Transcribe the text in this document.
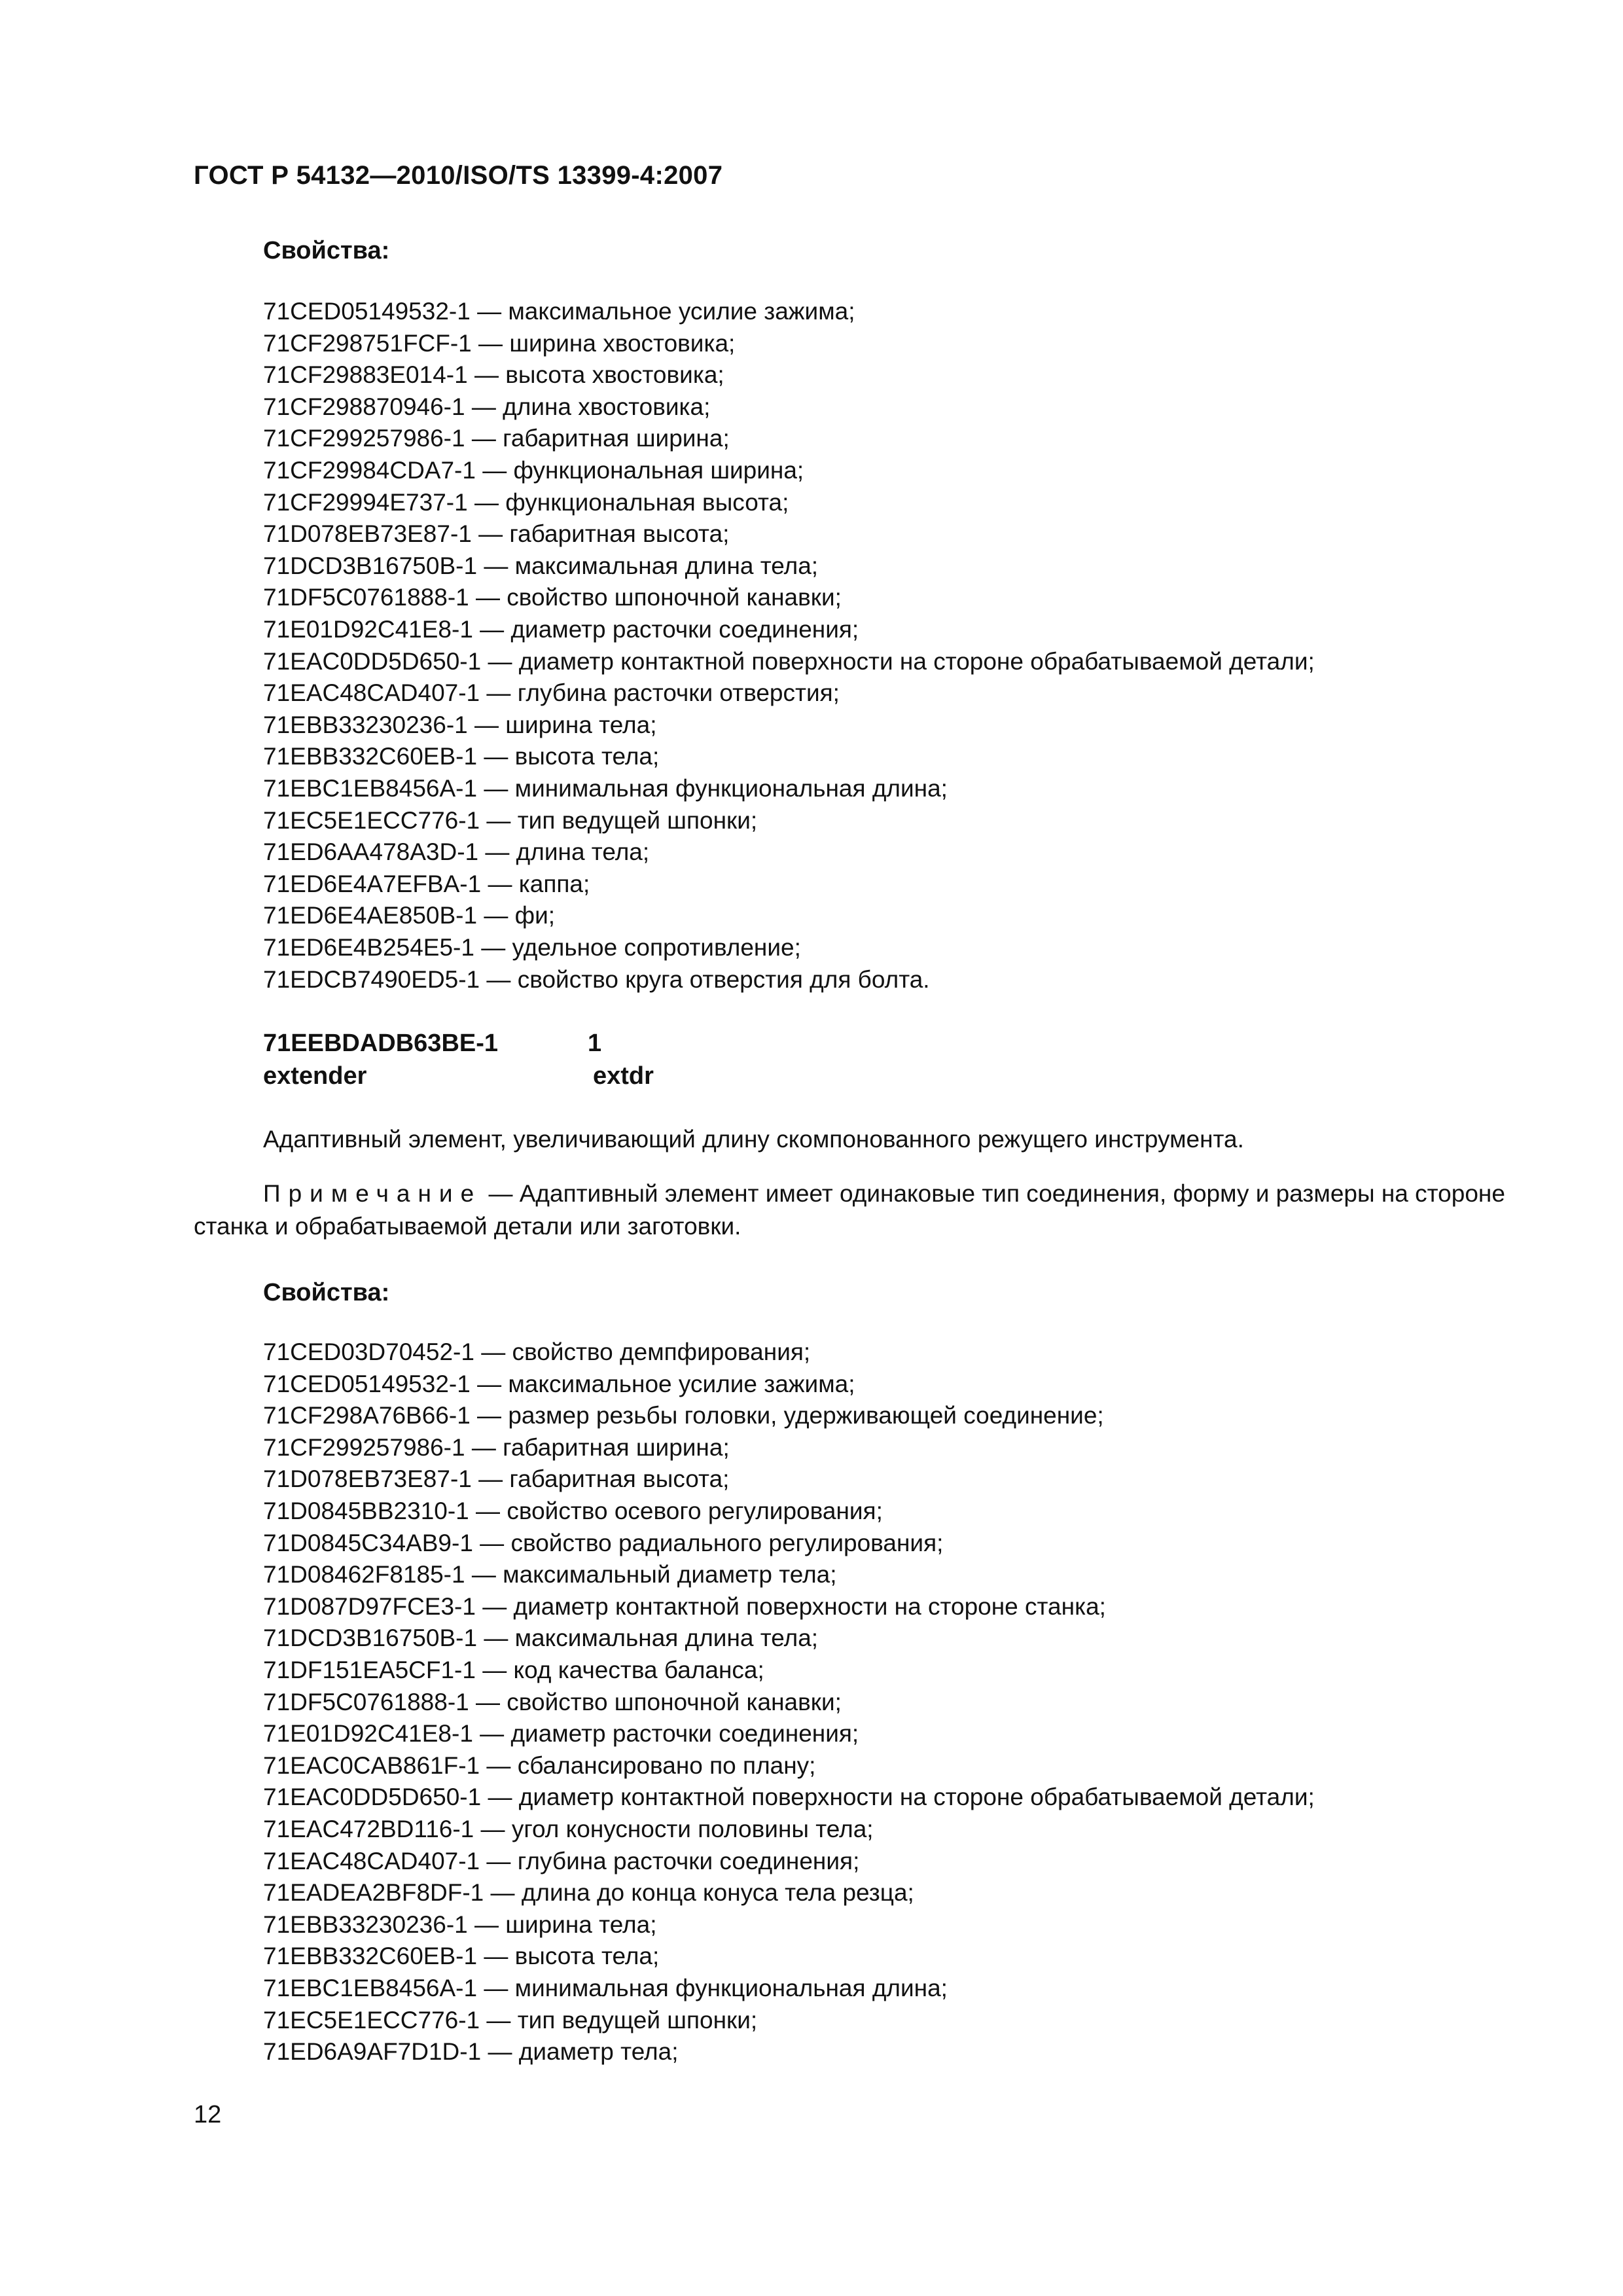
ГОСТ Р 54132—2010/ISO/TS 13399-4:2007
Свойства:
71CED05149532-1 — максимальное усилие зажима;
71CF298751FCF-1 — ширина хвостовика;
71CF29883E014-1 — высота хвостовика;
71CF298870946-1 — длина хвостовика;
71CF299257986-1 — габаритная ширина;
71CF29984CDA7-1 — функциональная ширина;
71CF29994E737-1 — функциональная высота;
71D078EB73E87-1 — габаритная высота;
71DCD3B16750B-1 — максимальная длина тела;
71DF5C0761888-1 — свойство шпоночной канавки;
71E01D92C41E8-1 — диаметр расточки соединения;
71EAC0DD5D650-1 — диаметр контактной поверхности на стороне обрабатываемой детали;
71EAC48CAD407-1 — глубина расточки отверстия;
71EBB33230236-1 — ширина тела;
71EBB332C60EB-1 — высота тела;
71EBC1EB8456A-1 — минимальная функциональная длина;
71EC5E1ECC776-1 — тип ведущей шпонки;
71ED6AA478A3D-1 — длина тела;
71ED6E4A7EFBA-1 — каппа;
71ED6E4AE850B-1 — фи;
71ED6E4B254E5-1 — удельное сопротивление;
71EDCB7490ED5-1 — свойство круга отверстия для болта.
71EEBDADB63BE-1	1
extender	extdr
Адаптивный элемент, увеличивающий длину скомпонованного режущего инструмента.
Примечание — Адаптивный элемент имеет одинаковые тип соединения, форму и размеры на стороне
станка и обрабатываемой детали или заготовки.
Свойства:
71CED03D70452-1 — свойство демпфирования;
71CED05149532-1 — максимальное усилие зажима;
71CF298A76B66-1 — размер резьбы головки, удерживающей соединение;
71CF299257986-1 — габаритная ширина;
71D078EB73E87-1 — габаритная высота;
71D0845BB2310-1 — свойство осевого регулирования;
71D0845C34AB9-1 — свойство радиального регулирования;
71D08462F8185-1 — максимальный диаметр тела;
71D087D97FCE3-1 — диаметр контактной поверхности на стороне станка;
71DCD3B16750B-1 — максимальная длина тела;
71DF151EA5CF1-1 — код качества баланса;
71DF5C0761888-1 — свойство шпоночной канавки;
71E01D92C41E8-1 — диаметр расточки соединения;
71EAC0CAB861F-1 — сбалансировано по плану;
71EAC0DD5D650-1 — диаметр контактной поверхности на стороне обрабатываемой детали;
71EAC472BD116-1 — угол конусности половины тела;
71EAC48CAD407-1 — глубина расточки соединения;
71EADEA2BF8DF-1 — длина до конца конуса тела резца;
71EBB33230236-1 — ширина тела;
71EBB332C60EB-1 — высота тела;
71EBC1EB8456A-1 — минимальная функциональная длина;
71EC5E1ECC776-1 — тип ведущей шпонки;
71ED6A9AF7D1D-1 — диаметр тела;
12
